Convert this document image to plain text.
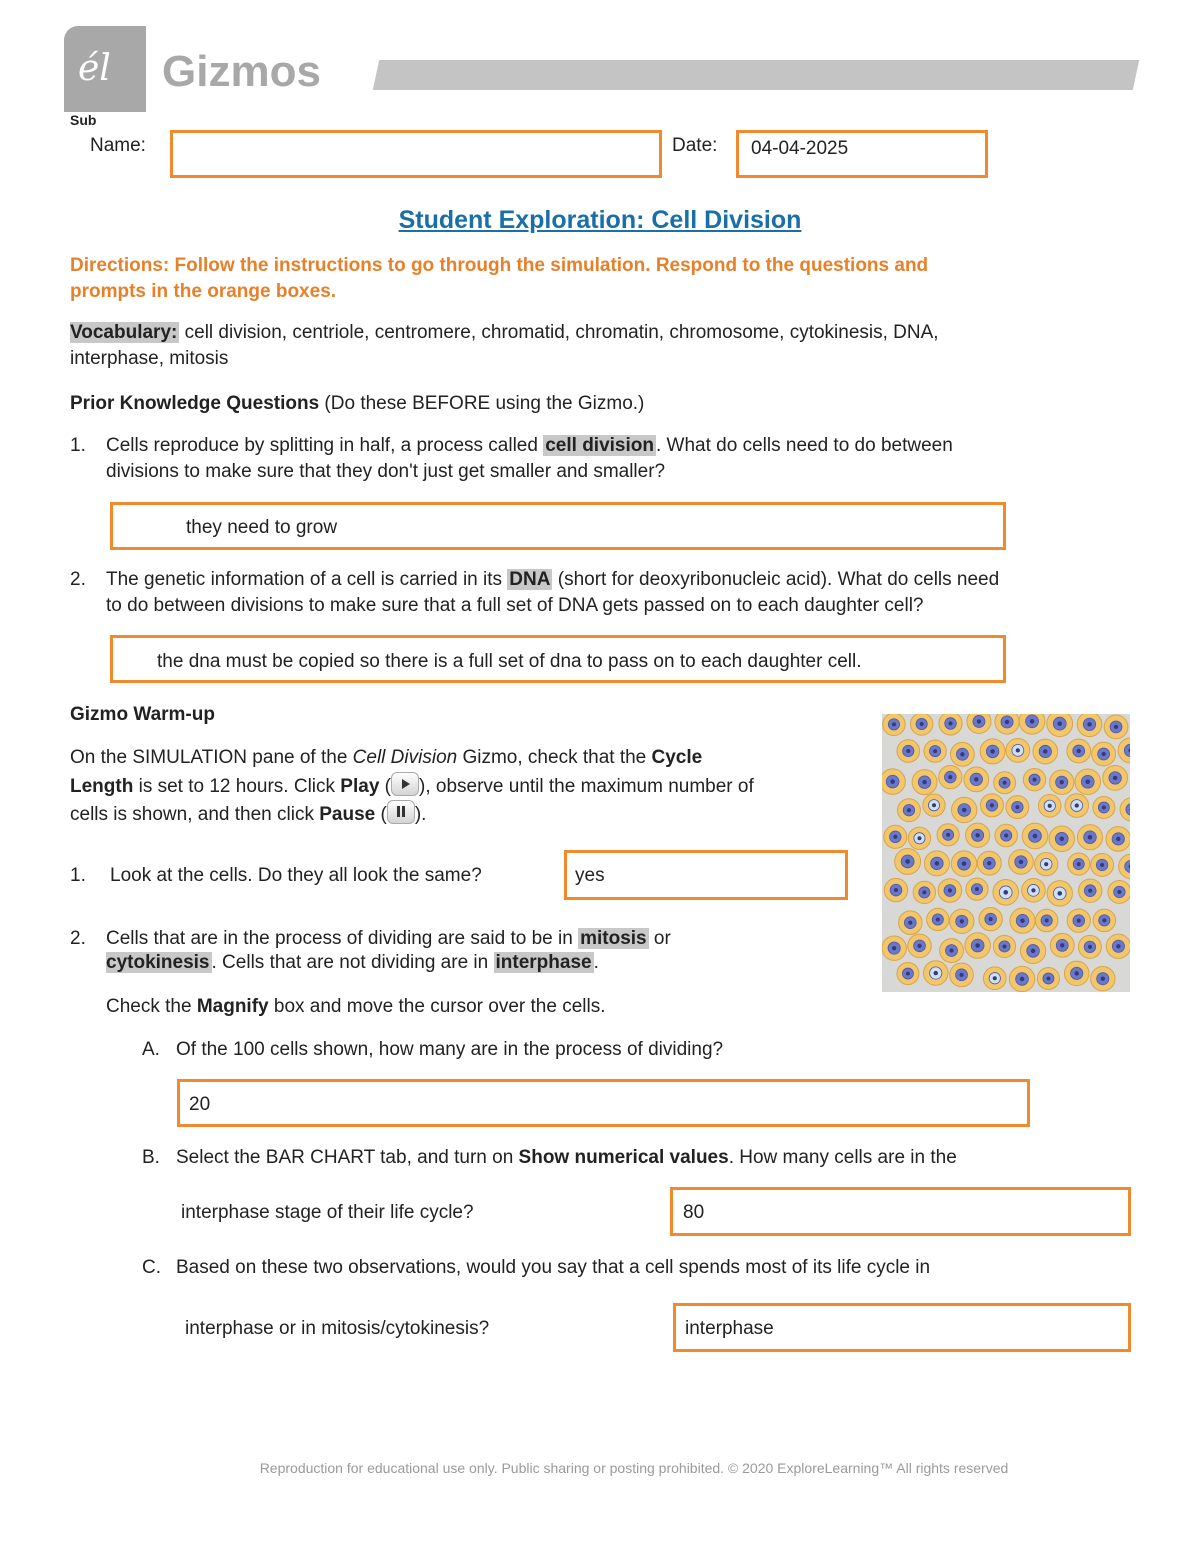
él Gizmos
Sub
Name:	Date: 04-04-2025
Student Exploration: Cell Division
Directions: Follow the instructions to go through the simulation. Respond to the questions and
prompts in the orange boxes.
Vocabulary: cell division, centriole, centromere, chromatid, chromatin, chromosome, cytokinesis, DNA,
interphase, mitosis
Prior Knowledge Questions (Do these BEFORE using the Gizmo.)
1. Cells reproduce by splitting in half, a process called cell division . What do cells need to do between
divisions to make sure that they don't just get smaller and smaller?
they need to grow
2. The genetic information of a cell is carried in its DNA (short for deoxyribonucleic acid). What do cells need
to do between divisions to make sure that a full set of DNA gets passed on to each daughter cell?
the dna must be copied so there is a full set of dna to pass on to each daughter cell.
Gizmo Warm-up
On the SIMULATION pane of the Cell Division Gizmo, check that the Cycle
Length is set to 12 hours. Click Play ( ), observe until the maximum number of
cells is shown, and then click Pause ( ).
1. Look at the cells. Do they all look the same?	yes
2. Cells that are in the process of dividing are said to be in mitosis or
cytokinesis . Cells that are not dividing are in interphase .
Check the Magnify box and move the cursor over the cells.
A. Of the 100 cells shown, how many are in the process of dividing?
20
B. Select the BAR CHART tab, and turn on Show numerical values. How many cells are in the
interphase stage of their life cycle?	80
C. Based on these two observations, would you say that a cell spends most of its life cycle in
interphase or in mitosis/cytokinesis?	interphase
Reproduction for educational use only. Public sharing or posting prohibited. © 2020 ExploreLearning™ All rights reserved
